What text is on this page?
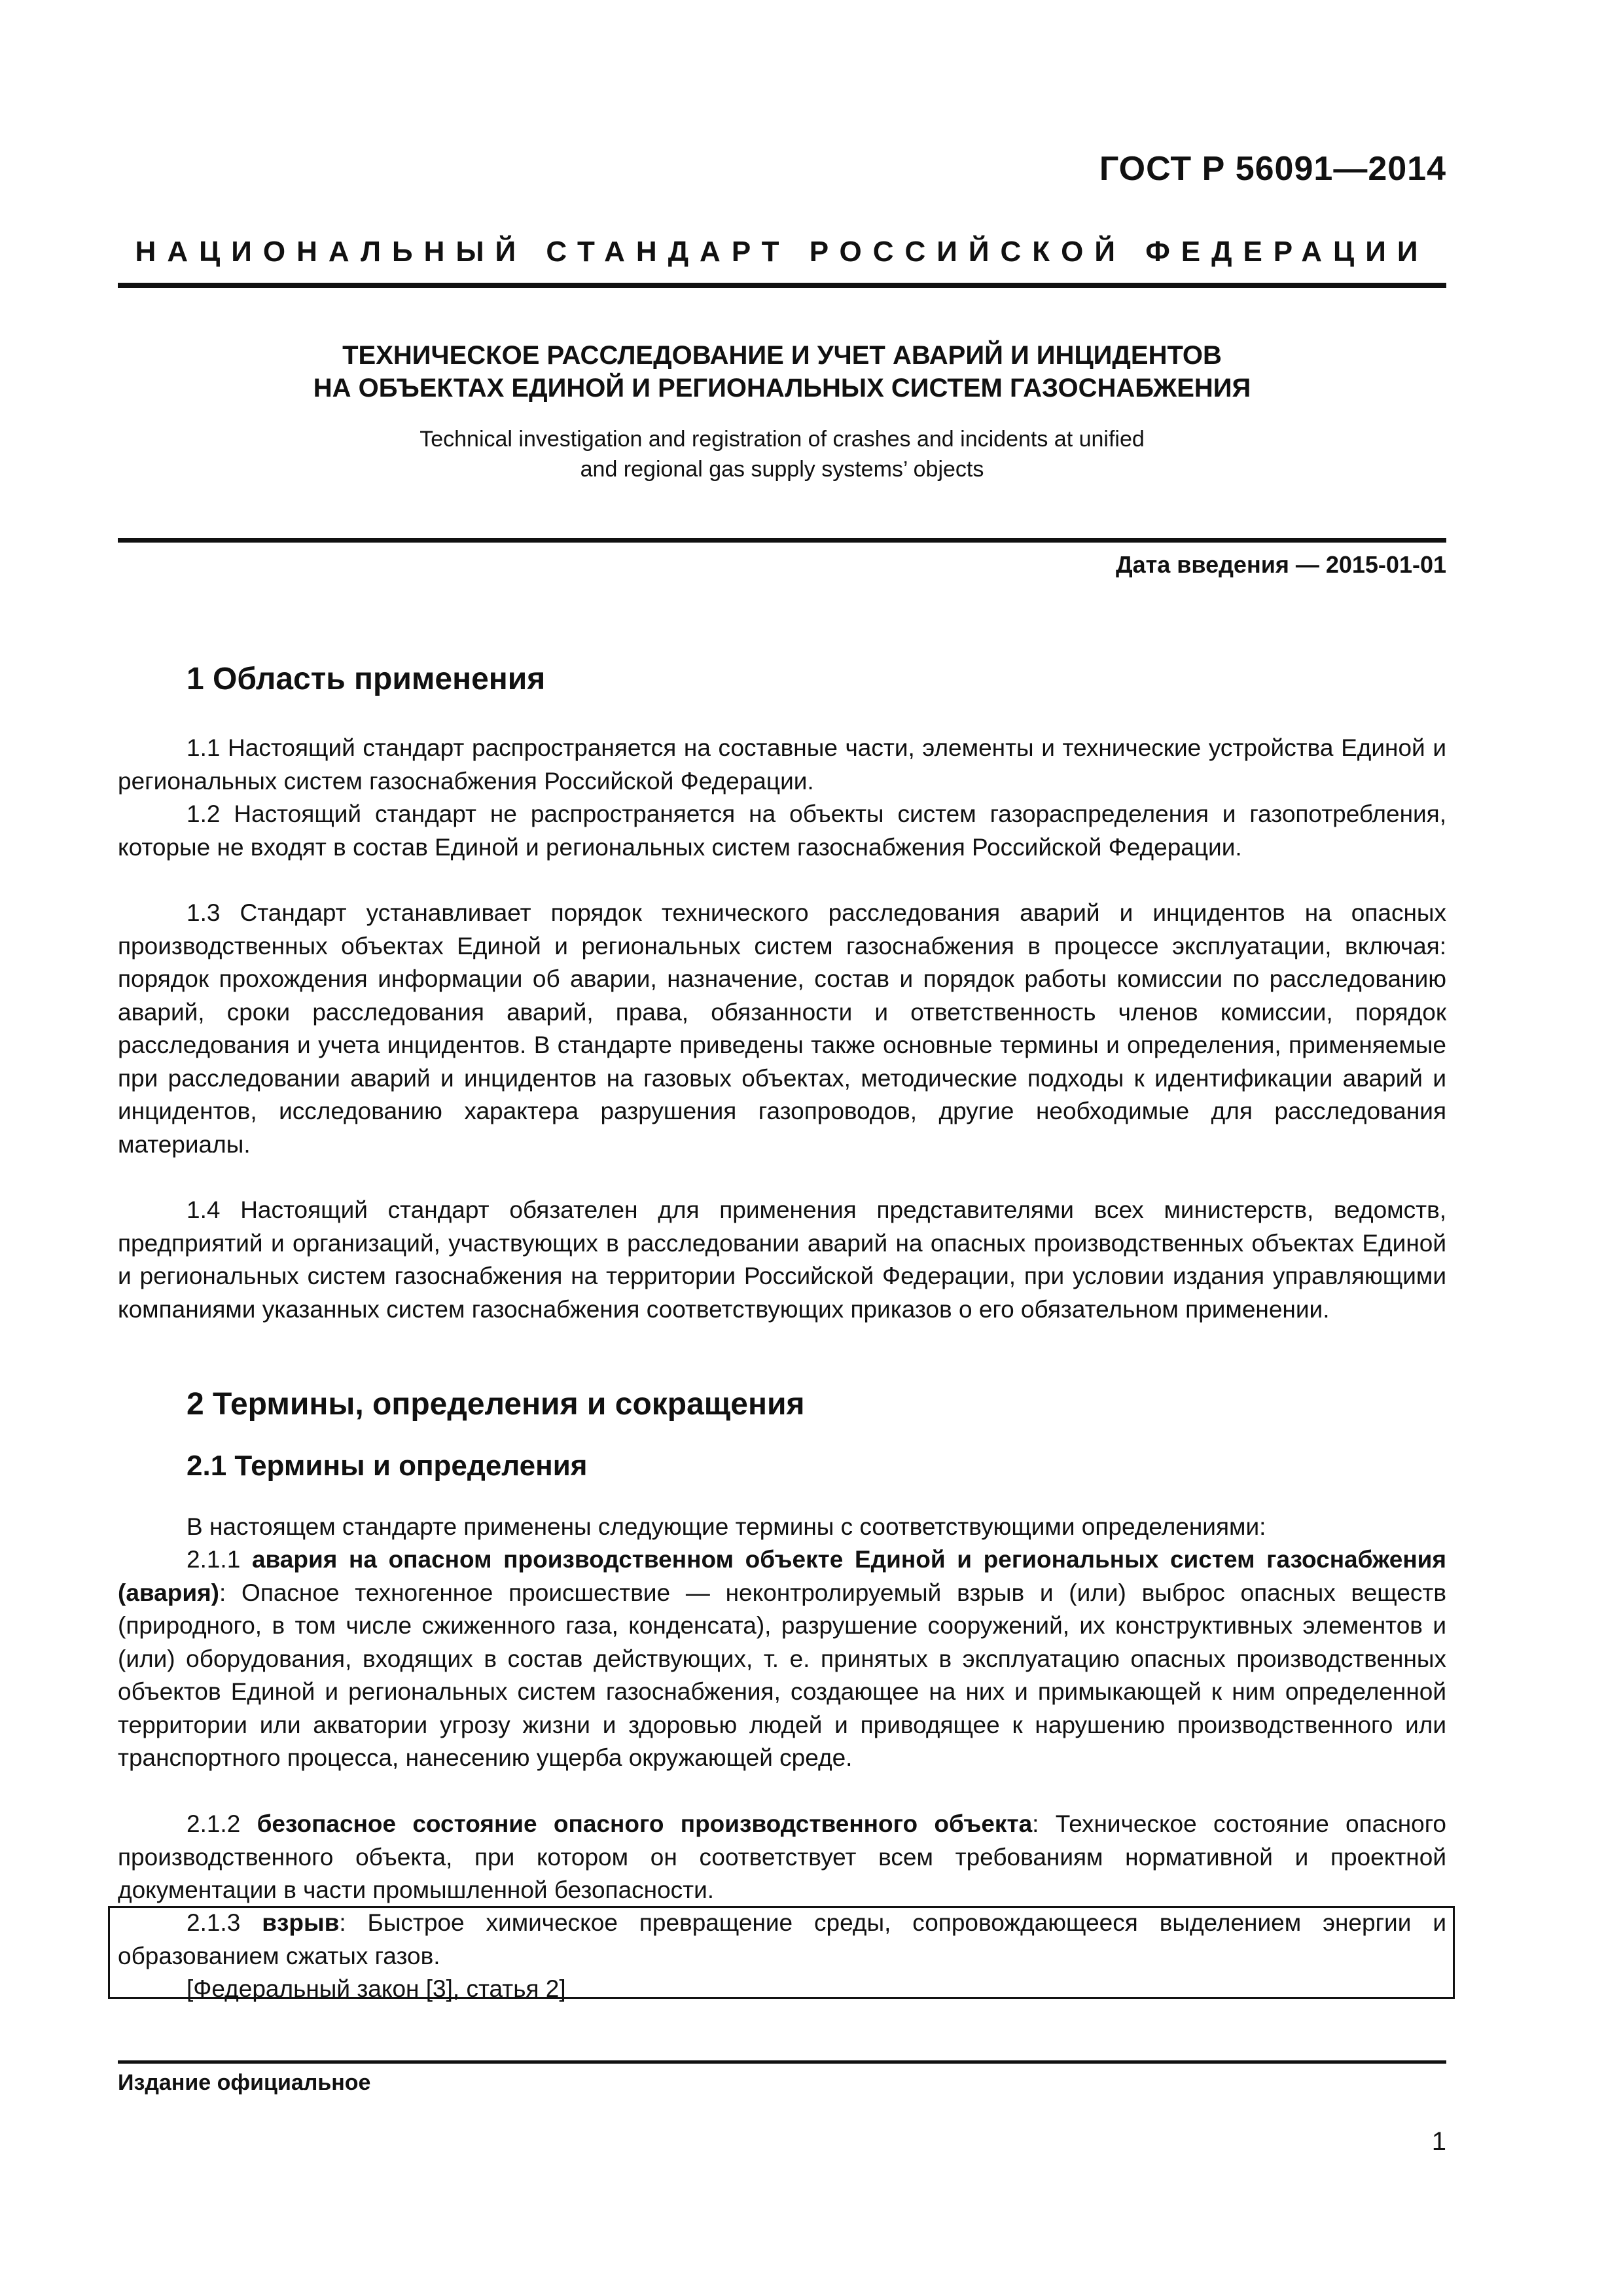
ГОСТ Р 56091—2014
НАЦИОНАЛЬНЫЙ СТАНДАРТ РОССИЙСКОЙ ФЕДЕРАЦИИ
ТЕХНИЧЕСКОЕ РАССЛЕДОВАНИЕ И УЧЕТ АВАРИЙ И ИНЦИДЕНТОВ
НА ОБЪЕКТАХ ЕДИНОЙ И РЕГИОНАЛЬНЫХ СИСТЕМ ГАЗОСНАБЖЕНИЯ
Technical investigation and registration of crashes and incidents at unified
and regional gas supply systems’ objects
Дата введения — 2015-01-01
1 Область применения
1.1 Настоящий стандарт распространяется на составные части, элементы и технические устройства Единой и региональных систем газоснабжения Российской Федерации.
1.2 Настоящий стандарт не распространяется на объекты систем газораспределения и газопотребления, которые не входят в состав Единой и региональных систем газоснабжения Российской Федерации.
1.3 Стандарт устанавливает порядок технического расследования аварий и инцидентов на опасных производственных объектах Единой и региональных систем газоснабжения в процессе эксплуатации, включая: порядок прохождения информации об аварии, назначение, состав и порядок работы комиссии по расследованию аварий, сроки расследования аварий, права, обязанности и ответственность членов комиссии, порядок расследования и учета инцидентов. В стандарте приведены также основные термины и определения, применяемые при расследовании аварий и инцидентов на газовых объектах, методические подходы к идентификации аварий и инцидентов, исследованию характера разрушения газопроводов, другие необходимые для расследования материалы.
1.4 Настоящий стандарт обязателен для применения представителями всех министерств, ведомств, предприятий и организаций, участвующих в расследовании аварий на опасных производственных объектах Единой и региональных систем газоснабжения на территории Российской Федерации, при условии издания управляющими компаниями указанных систем газоснабжения соответствующих приказов о его обязательном применении.
2 Термины, определения и сокращения
2.1 Термины и определения
В настоящем стандарте применены следующие термины с соответствующими определениями:
2.1.1 авария на опасном производственном объекте Единой и региональных систем газоснабжения (авария): Опасное техногенное происшествие — неконтролируемый взрыв и (или) выброс опасных веществ (природного, в том числе сжиженного газа, конденсата), разрушение сооружений, их конструктивных элементов и (или) оборудования, входящих в состав действующих, т. е. принятых в эксплуатацию опасных производственных объектов Единой и региональных систем газоснабжения, создающее на них и примыкающей к ним определенной территории или акватории угрозу жизни и здоровью людей и приводящее к нарушению производственного или транспортного процесса, нанесению ущерба окружающей среде.
2.1.2 безопасное состояние опасного производственного объекта: Техническое состояние опасного производственного объекта, при котором он соответствует всем требованиям нормативной и проектной документации в части промышленной безопасности.
2.1.3 взрыв: Быстрое химическое превращение среды, сопровождающееся выделением энергии и образованием сжатых газов.
[Федеральный закон [3], статья 2]
Издание официальное
1
